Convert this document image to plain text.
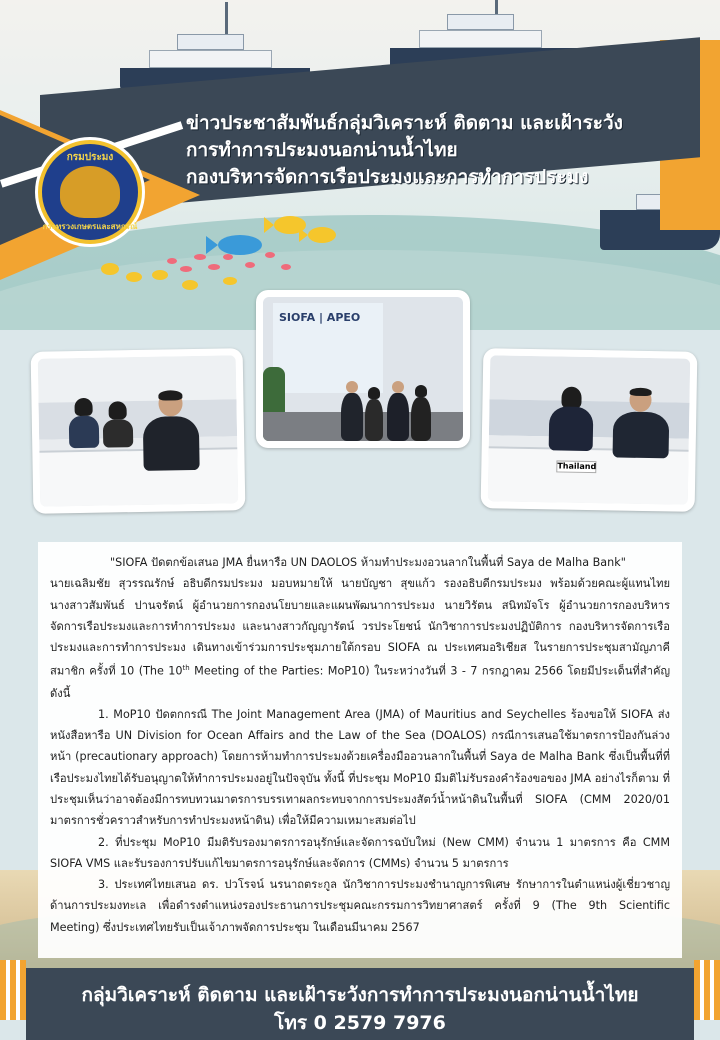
กรมประมง
กระทรวงเกษตรและสหกรณ์
ข่าวประชาสัมพันธ์กลุ่มวิเคราะห์ ติดตาม และเฝ้าระวัง
การทำการประมงนอกน่านน้ำไทย
กองบริหารจัดการเรือประมงและการทำการประมง
SIOFA | APEO
Thailand

"SIOFA ปัดตกข้อเสนอ JMA ยื่นหารือ UN DAOLOS ห้ามทำประมงอวนลากในพื้นที่ Saya de Malha Bank"

นายเฉลิมชัย สุวรรณรักษ์ อธิบดีกรมประมง มอบหมายให้ นายบัญชา สุขแก้ว รองอธิบดีกรมประมง พร้อมด้วยคณะผู้แทนไทย นางสาวสัมพันธ์ ปานจรัตน์ ผู้อำนวยการกองนโยบายและแผนพัฒนาการประมง นายวิรัตน สนิทมัจโร ผู้อำนวยการกองบริหารจัดการเรือประมงและการทำการประมง และนางสาวกัญญารัตน์ วรประโยชน์ นักวิชาการประมงปฏิบัติการ กองบริหารจัดการเรือประมงและการทำการประมง เดินทางเข้าร่วมการประชุมภายใต้กรอบ SIOFA ณ ประเทศมอริเชียส ในรายการประชุมสามัญภาคีสมาชิก ครั้งที่ 10 (The 10th Meeting of the Parties: MoP10) ในระหว่างวันที่ 3 - 7 กรกฎาคม 2566 โดยมีประเด็นที่สำคัญ ดังนี้

1. MoP10 ปัดตกกรณี The Joint Management Area (JMA) of Mauritius and Seychelles ร้องขอให้ SIOFA ส่งหนังสือหารือ UN Division for Ocean Affairs and the Law of the Sea (DOALOS) กรณีการเสนอใช้มาตรการป้องกันล่วงหน้า (precautionary approach) โดยการห้ามทำการประมงด้วยเครื่องมืออวนลากในพื้นที่ Saya de Malha Bank ซึ่งเป็นพื้นที่ที่เรือประมงไทยได้รับอนุญาตให้ทำการประมงอยู่ในปัจจุบัน ทั้งนี้ ที่ประชุม MoP10 มีมติไม่รับรองคำร้องขอของ JMA อย่างไรก็ตาม ที่ประชุมเห็นว่าอาจต้องมีการทบทวนมาตรการบรรเทาผลกระทบจากการประมงสัตว์น้ำหน้าดินในพื้นที่ SIOFA (CMM 2020/01 มาตรการชั่วคราวสำหรับการทำประมงหน้าดิน) เพื่อให้มีความเหมาะสมต่อไป

2. ที่ประชุม MoP10 มีมติรับรองมาตรการอนุรักษ์และจัดการฉบับใหม่ (New CMM) จำนวน 1 มาตรการ คือ CMM SIOFA VMS และรับรองการปรับแก้ไขมาตรการอนุรักษ์และจัดการ (CMMs) จำนวน 5 มาตรการ

3. ประเทศไทยเสนอ ดร. ปวโรจน์ นรนาถตระกูล นักวิชาการประมงชำนาญการพิเศษ รักษาการในตำแหน่งผู้เชี่ยวชาญด้านการประมงทะเล เพื่อดำรงตำแหน่งรองประธานการประชุมคณะกรรมการวิทยาศาสตร์ ครั้งที่ 9 (The 9th Scientific Meeting) ซึ่งประเทศไทยรับเป็นเจ้าภาพจัดการประชุม ในเดือนมีนาคม 2567

กลุ่มวิเคราะห์ ติดตาม และเฝ้าระวังการทำการประมงนอกน่านน้ำไทย
โทร 0 2579 7976
